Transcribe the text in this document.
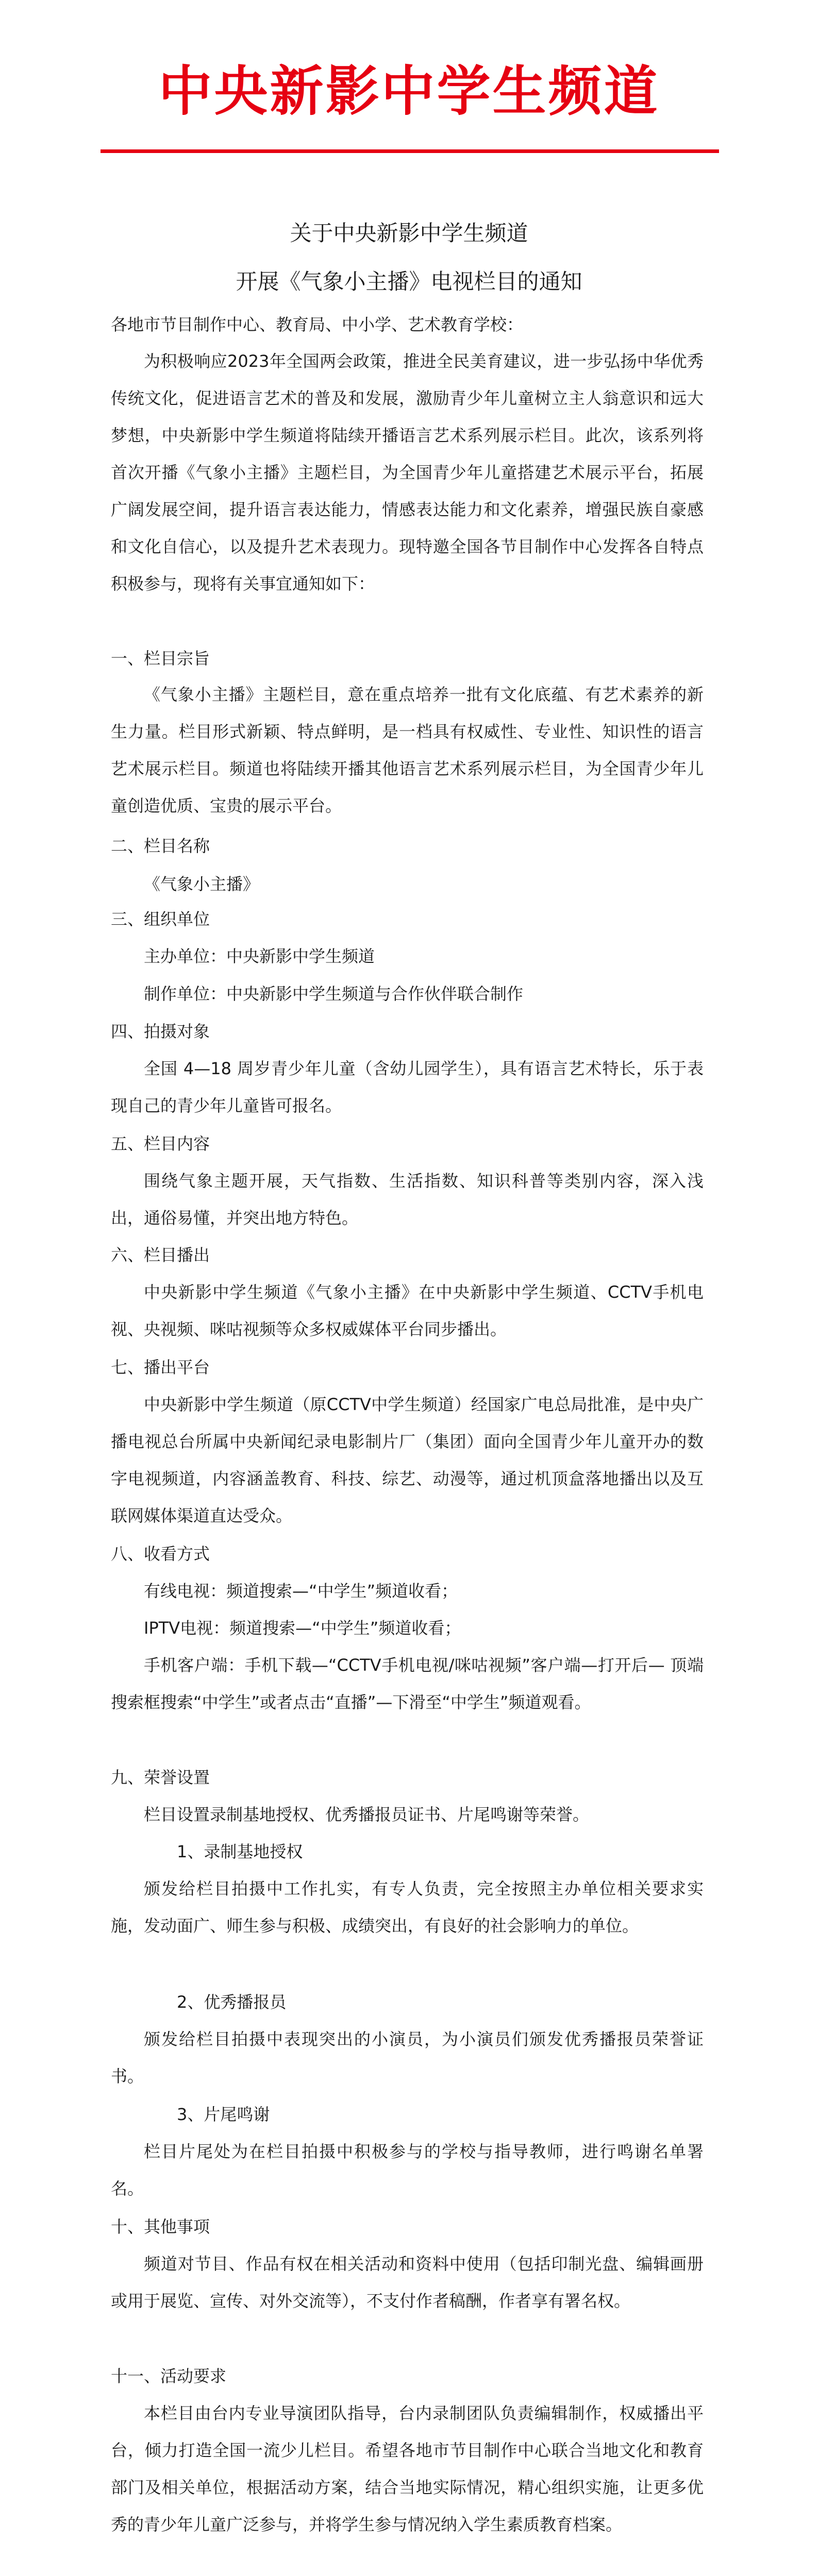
中央新影中学生频道
关于中央新影中学生频道
开展《气象小主播》电视栏目的通知

各地市节目制作中心、教育局、中小学、艺术教育学校：

为积极响应2023年全国两会政策，推进全民美育建议，进一步弘扬中华优秀传统文化，促进语言艺术的普及和发展，激励青少年儿童树立主人翁意识和远大梦想，中央新影中学生频道将陆续开播语言艺术系列展示栏目。此次，该系列将首次开播《气象小主播》主题栏目，为全国青少年儿童搭建艺术展示平台，拓展广阔发展空间，提升语言表达能力，情感表达能力和文化素养，增强民族自豪感和文化自信心，以及提升艺术表现力。现特邀全国各节目制作中心发挥各自特点积极参与，现将有关事宜通知如下：

一、栏目宗旨

《气象小主播》主题栏目，意在重点培养一批有文化底蕴、有艺术素养的新生力量。栏目形式新颖、特点鲜明，是一档具有权威性、专业性、知识性的语言艺术展示栏目。频道也将陆续开播其他语言艺术系列展示栏目，为全国青少年儿童创造优质、宝贵的展示平台。

二、栏目名称

《气象小主播》

三、组织单位

主办单位：中央新影中学生频道

制作单位：中央新影中学生频道与合作伙伴联合制作

四、拍摄对象

全国 4—18 周岁青少年儿童（含幼儿园学生），具有语言艺术特长，乐于表现自己的青少年儿童皆可报名。

五、栏目内容

围绕气象主题开展，天气指数、生活指数、知识科普等类别内容，深入浅出，通俗易懂，并突出地方特色。

六、栏目播出

中央新影中学生频道《气象小主播》在中央新影中学生频道、CCTV手机电视、央视频、咪咕视频等众多权威媒体平台同步播出。

七、播出平台

中央新影中学生频道（原CCTV中学生频道）经国家广电总局批准，是中央广播电视总台所属中央新闻纪录电影制片厂（集团）面向全国青少年儿童开办的数字电视频道，内容涵盖教育、科技、综艺、动漫等，通过机顶盒落地播出以及互联网媒体渠道直达受众。

八、收看方式

有线电视：频道搜索—“中学生”频道收看；

IPTV电视：频道搜索—“中学生”频道收看；

手机客户端：手机下载—“CCTV手机电视/咪咕视频”客户端—打开后— 顶端搜索框搜索“中学生”或者点击“直播”—下滑至“中学生”频道观看。

九、荣誉设置

栏目设置录制基地授权、优秀播报员证书、片尾鸣谢等荣誉。

1、录制基地授权

颁发给栏目拍摄中工作扎实，有专人负责，完全按照主办单位相关要求实施，发动面广、师生参与积极、成绩突出，有良好的社会影响力的单位。

2、优秀播报员

颁发给栏目拍摄中表现突出的小演员，为小演员们颁发优秀播报员荣誉证书。

3、片尾鸣谢

栏目片尾处为在栏目拍摄中积极参与的学校与指导教师，进行鸣谢名单署名。

十、其他事项

频道对节目、作品有权在相关活动和资料中使用（包括印制光盘、编辑画册或用于展览、宣传、对外交流等），不支付作者稿酬，作者享有署名权。

十一、活动要求

本栏目由台内专业导演团队指导，台内录制团队负责编辑制作，权威播出平台，倾力打造全国一流少儿栏目。希望各地市节目制作中心联合当地文化和教育部门及相关单位，根据活动方案，结合当地实际情况，精心组织实施，让更多优秀的青少年儿童广泛参与，并将学生参与情况纳入学生素质教育档案。
